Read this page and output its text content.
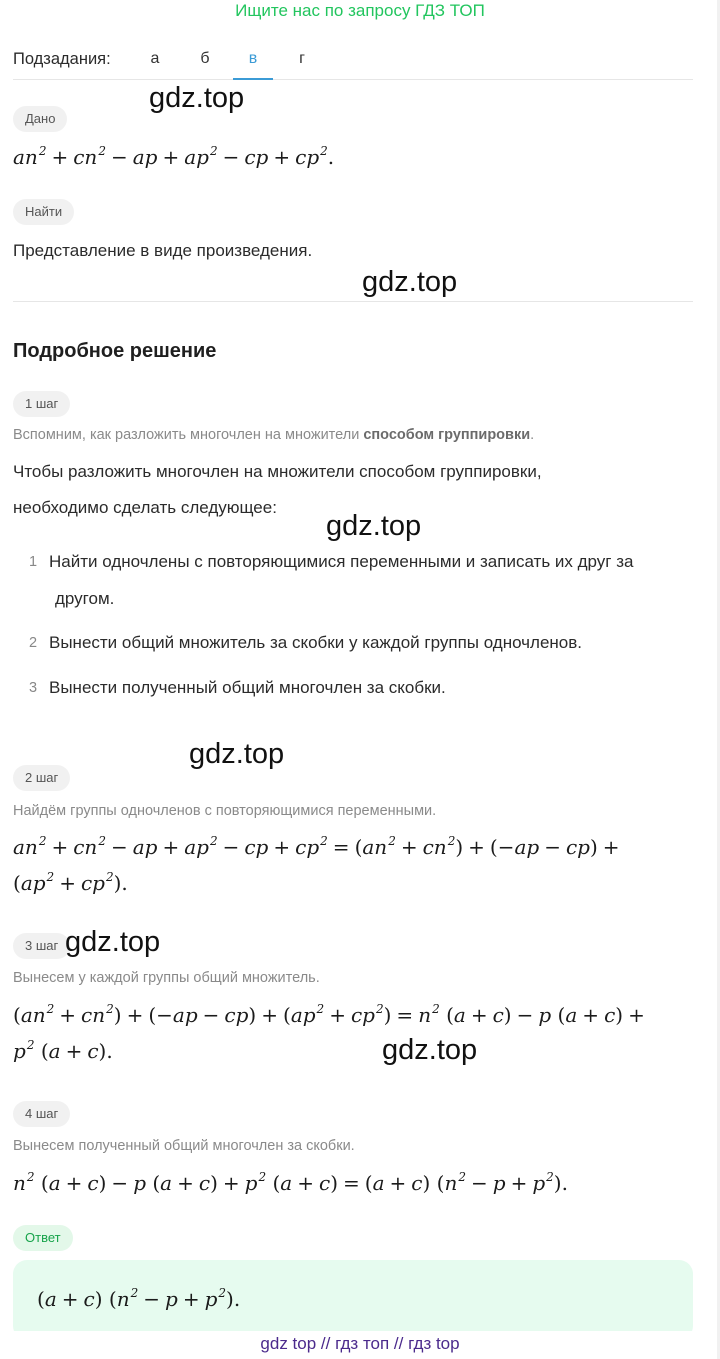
Ищите нас по запросу ГДЗ ТОП
Подзадания:	а	б	в	г
Дано
$an^2 + cn^2$ − ap + $ap^2$ − cp + $cp^2$.
Найти
Представление в виде произведения.
Подробное решение
1 шаг
Вспомним, как разложить многочлен на множители способом группировки.
Чтобы разложить многочлен на множители способом группировки,
необходимо сделать следующее:
1 Найти одночлены с повторяющимися переменными и записать их друг за
другом.
2 Вынести общий множитель за скобки у каждой группы одночленов.
3 Вынести полученный общий многочлен за скобки.
2 шаг
Найдём группы одночленов с повторяющимися переменными.
$an^2 + cn^2$ − ap + $ap^2$ − cp + $cp^2 = (an^2 + cn^2) + (-ap - cp)$ +
$(ap^2 + cp^2)$.
3 шаг
Вынесем у каждой группы общий множитель.
$(an^2 + cn^2) + (-ap - cp) + (ap^2 + cp^2) = n^2$ (a + c) − p (a + c) +
$p^2$ (a + c).
4 шаг
Вынесем полученный общий многочлен за скобки.
$n^2$ (a + c) − p $(a + c) + p^2$ (a + c) = (a + c) $(n^2 - p + p^2)$.
Ответ
(a + c) $(n^2 - p + p^2)$.
gdz.top
gdz.top
gdz.top
gdz.top
gdz.top
gdz.top
gdz top // гдз топ // гдз top
